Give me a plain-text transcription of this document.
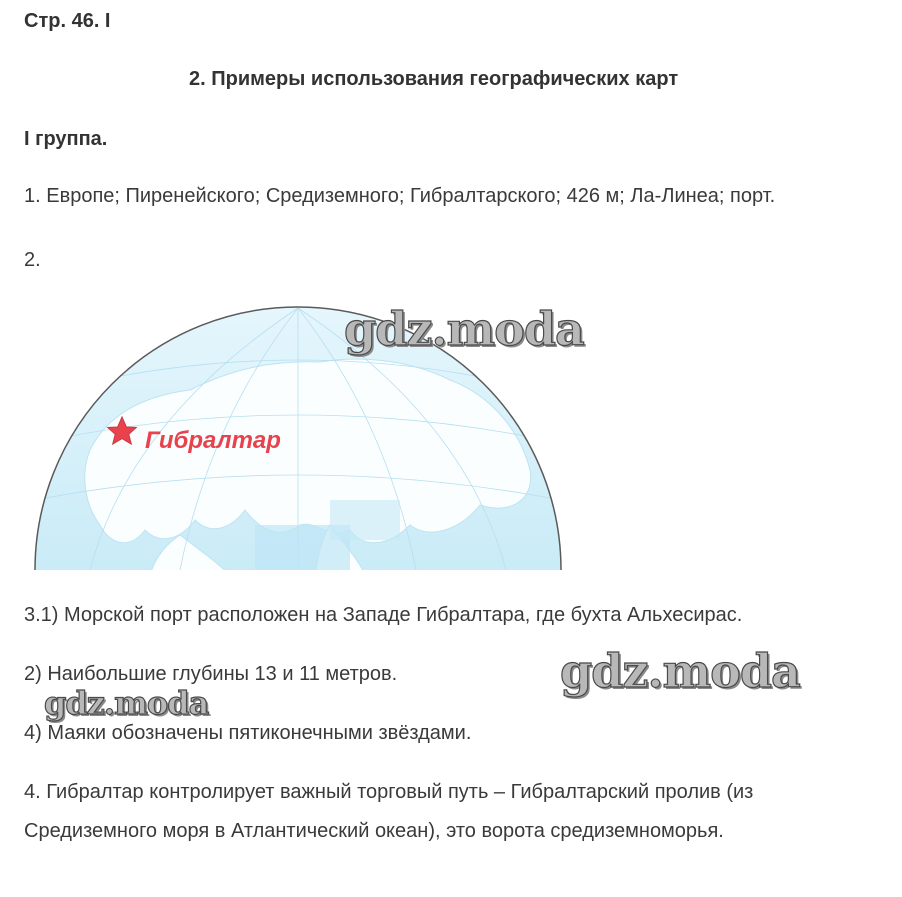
Стр. 46. I
2. Примеры использования географических карт
I группа.
1. Европе; Пиренейского; Средиземного; Гибралтарского; 426 м; Ла-Линеа; порт.
2.
Гибралтар
3.1) Морской порт расположен на Западе Гибралтара, где бухта Альхесирас.
2) Наибольшие глубины 13 и 11 метров.
4) Маяки обозначены пятиконечными звёздами.
4. Гибралтар контролирует важный торговый путь – Гибралтарский пролив (из
Средиземного моря в Атлантический океан), это ворота средиземноморья.
gdz.moda
gdz.moda
gdz.moda
